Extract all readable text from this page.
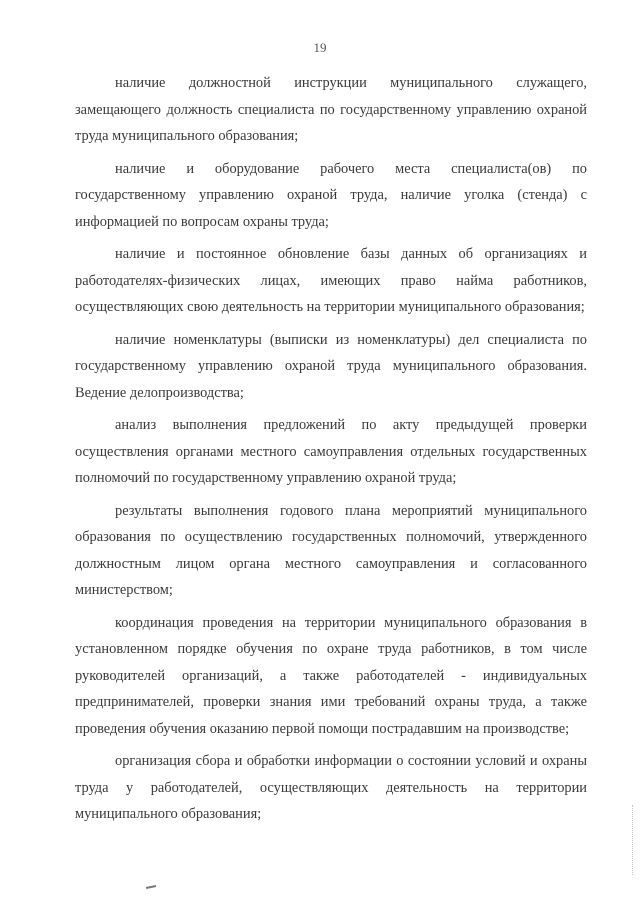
19

наличие должностной инструкции муниципального служащего, замещающего должность специалиста по государственному управлению охраной труда муниципального образования;

наличие и оборудование рабочего места специалиста(ов) по государственному управлению охраной труда, наличие уголка (стенда) с информацией по вопросам охраны труда;

наличие и постоянное обновление базы данных об организациях и работодателях-физических лицах, имеющих право найма работников, осуществляющих свою деятельность на территории муниципального образования;

наличие номенклатуры (выписки из номенклатуры) дел специалиста по государственному управлению охраной труда муниципального образования. Ведение делопроизводства;

анализ выполнения предложений по акту предыдущей проверки осуществления органами местного самоуправления отдельных государственных полномочий по государственному управлению охраной труда;

результаты выполнения годового плана мероприятий муниципального образования по осуществлению государственных полномочий, утвержденного должностным лицом органа местного самоуправления и согласованного министерством;

координация проведения на территории муниципального образования в установленном порядке обучения по охране труда работников, в том числе руководителей организаций, а также работодателей - индивидуальных предпринимателей, проверки знания ими требований охраны труда, а также проведения обучения оказанию первой помощи пострадавшим на производстве;

организация сбора и обработки информации о состоянии условий и охраны труда у работодателей, осуществляющих деятельность на территории муниципального образования;
